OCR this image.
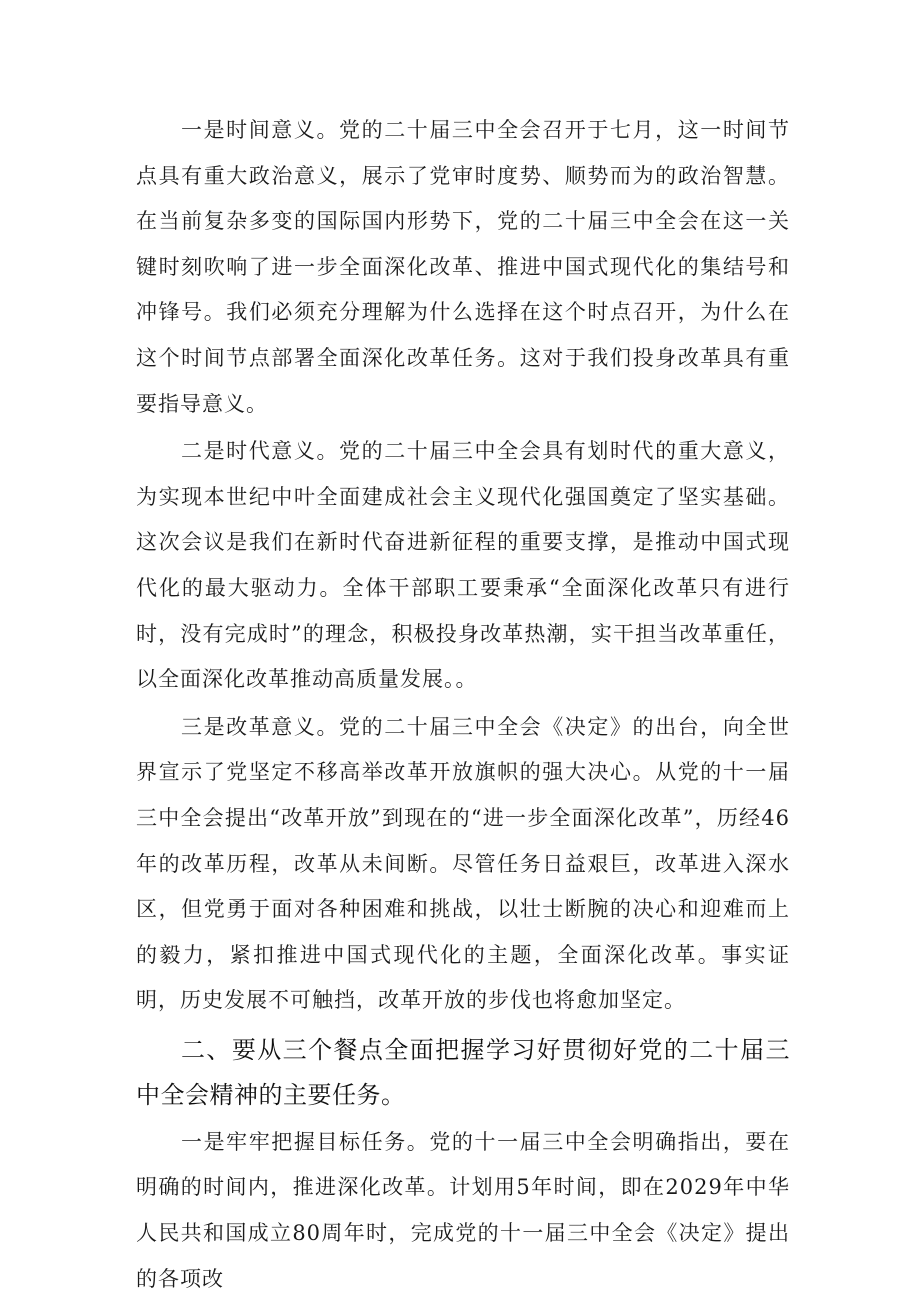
一是时间意义。党的二十届三中全会召开于七月，这一时间节点具有重大政治意义，展示了党审时度势、顺势而为的政治智慧。在当前复杂多变的国际国内形势下，党的二十届三中全会在这一关键时刻吹响了进一步全面深化改革、推进中国式现代化的集结号和冲锋号。我们必须充分理解为什么选择在这个时点召开，为什么在这个时间节点部署全面深化改革任务。这对于我们投身改革具有重要指导意义。

二是时代意义。党的二十届三中全会具有划时代的重大意义，为实现本世纪中叶全面建成社会主义现代化强国奠定了坚实基础。这次会议是我们在新时代奋进新征程的重要支撑，是推动中国式现代化的最大驱动力。全体干部职工要秉承“全面深化改革只有进行时，没有完成时”的理念，积极投身改革热潮，实干担当改革重任，以全面深化改革推动高质量发展。。

三是改革意义。党的二十届三中全会《决定》的出台，向全世界宣示了党坚定不移高举改革开放旗帜的强大决心。从党的十一届三中全会提出“改革开放”到现在的“进一步全面深化改革”，历经46年的改革历程，改革从未间断。尽管任务日益艰巨，改革进入深水区，但党勇于面对各种困难和挑战，以壮士断腕的决心和迎难而上的毅力，紧扣推进中国式现代化的主题，全面深化改革。事实证明，历史发展不可触挡，改革开放的步伐也将愈加坚定。

二、要从三个餐点全面把握学习好贯彻好党的二十届三中全会精神的主要任务。

一是牢牢把握目标任务。党的十一届三中全会明确指出，要在明确的时间内，推进深化改革。计划用5年时间，即在2029年中华人民共和国成立80周年时，完成党的十一届三中全会《决定》提出的各项改
